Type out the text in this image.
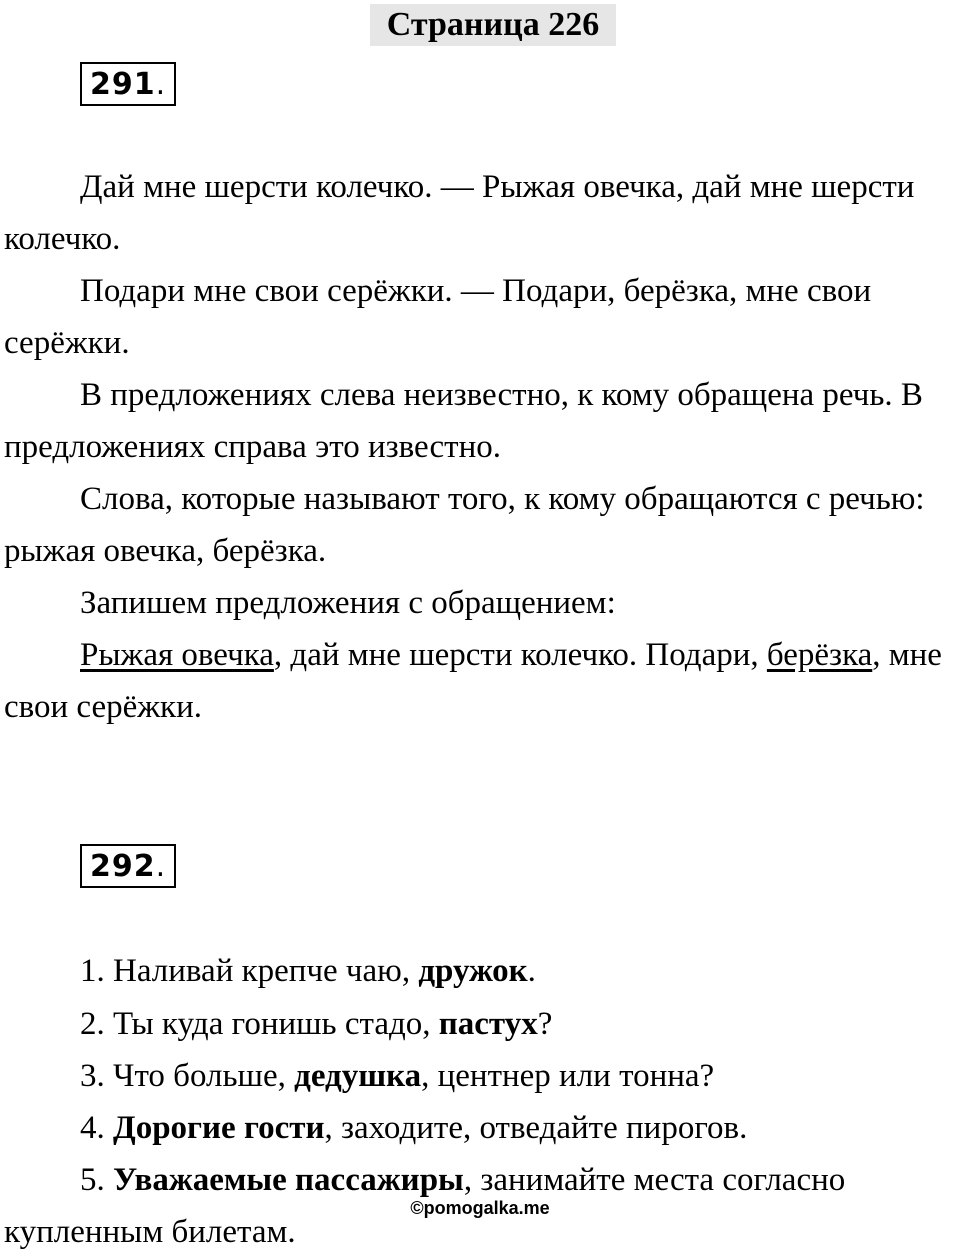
Страница 226
291.

Дай мне шерсти колечко. — Рыжая овечка, дай мне шерсти колечко.

Подари мне свои серёжки. — Подари, берёзка, мне свои серёжки.

В предложениях слева неизвестно, к кому обращена речь. В предложениях справа это известно.

Слова, которые называют того, к кому обращаются с речью: рыжая овечка, берёзка.

Запишем предложения с обращением:

Рыжая овечка, дай мне шерсти колечко. Подари, берёзка, мне свои серёжки.

292.

1. Наливай крепче чаю, дружок.

2. Ты куда гонишь стадо, пастух?

3. Что больше, дедушка, центнер или тонна?

4. Дорогие гости, заходите, отведайте пирогов.

5. Уважаемые пассажиры, занимайте места согласно купленным билетам.

©pomogalka.me
